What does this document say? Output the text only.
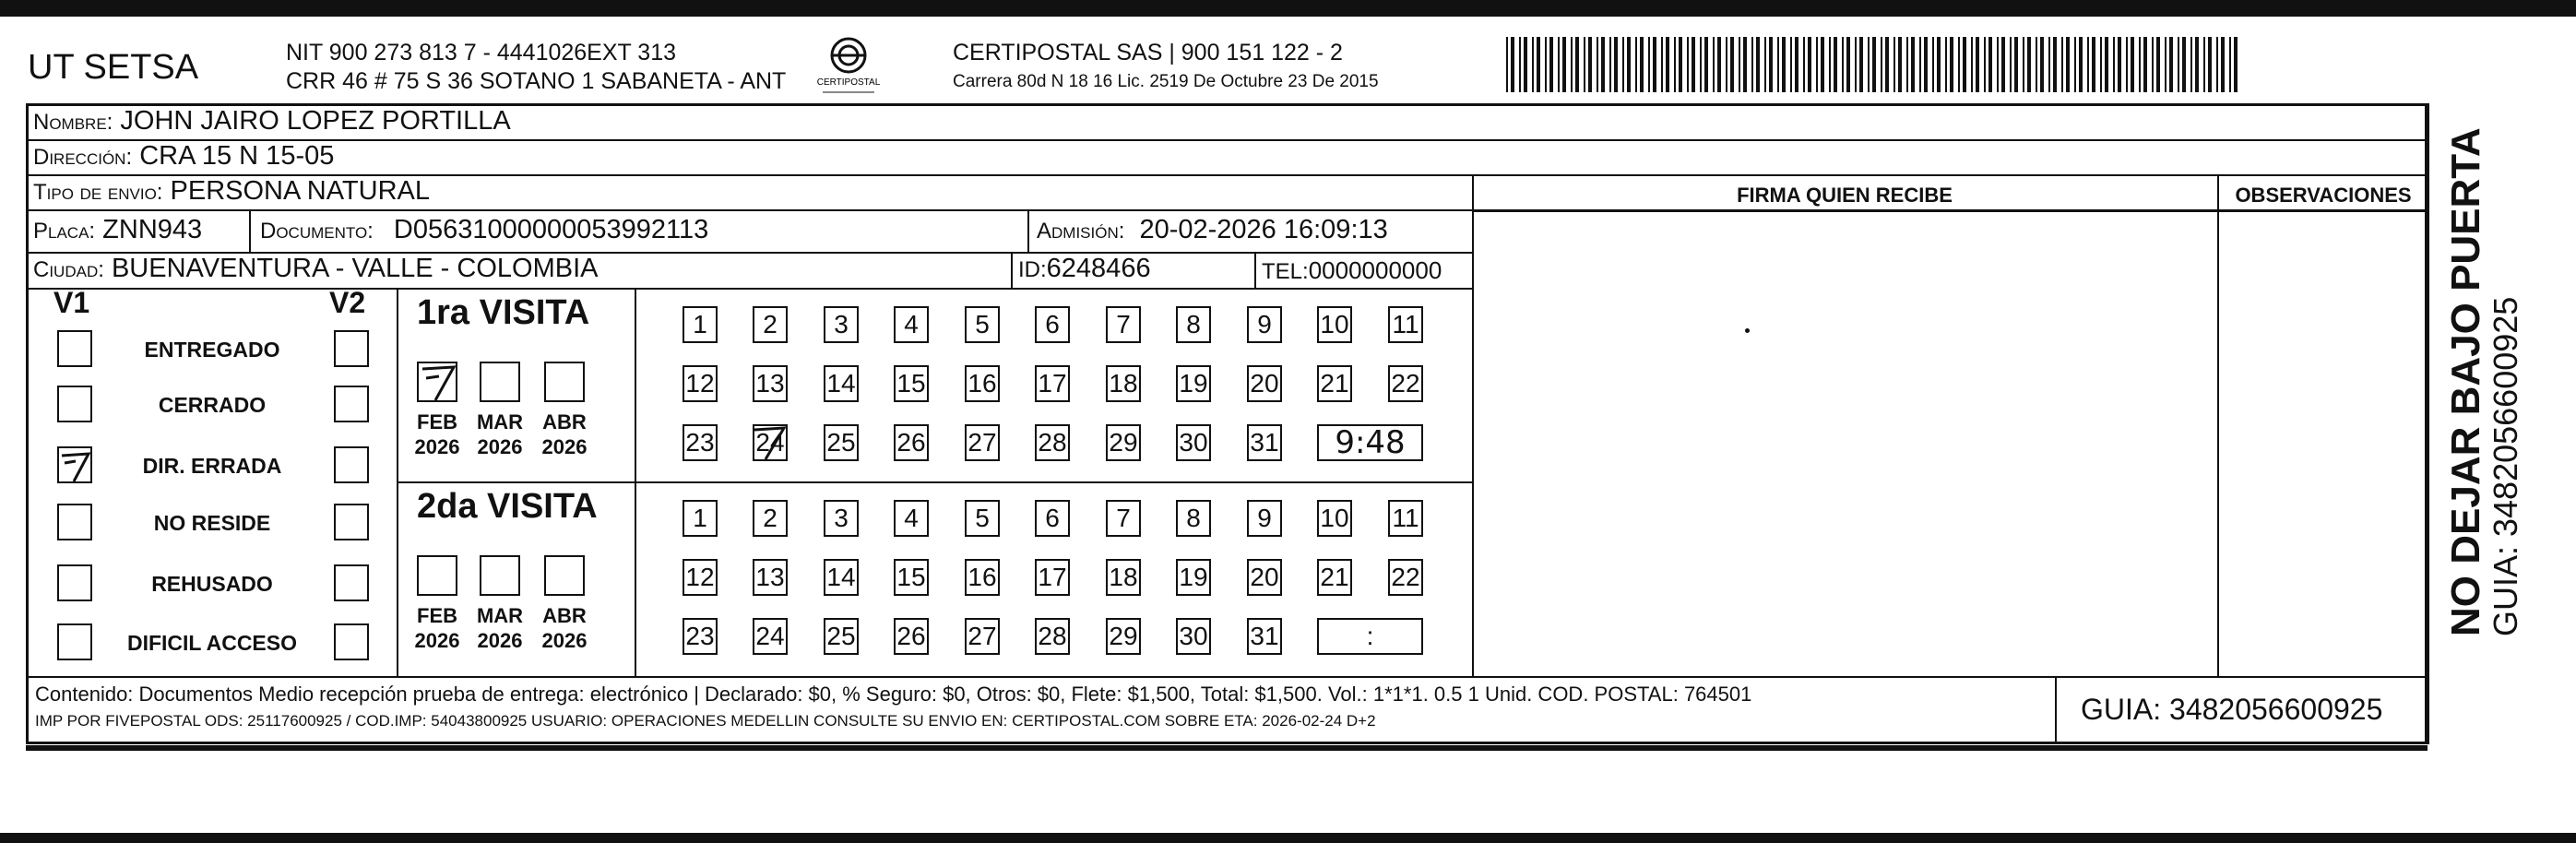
UT SETSA	NIT 900 273 813 7 - 4441026EXT 313
CRR 46 # 75 S 36 SOTANO 1 SABANETA - ANT	CERTIPOSTAL
CERTIPOSTAL SAS | 900 151 122 - 2
Carrera 80d N 18 16 Lic. 2519 De Octubre 23 De 2015
Nombre: JOHN JAIRO LOPEZ PORTILLA
Dirección: CRA 15 N 15-05
Tipo de envio: PERSONA NATURAL
Placa: ZNN943	Documento: D05631000000053992113	Admisión: 20-02-2026 16:09:13
Ciudad: BUENAVENTURA - VALLE - COLOMBIA	ID:6248466	TEL:0000000000
FIRMA QUIEN RECIBE	OBSERVACIONES
V1	V2
ENTREGADO
CERRADO
DIR. ERRADA
NO RESIDE
REHUSADO
DIFICIL ACCESO
1ra VISITA
2da VISITA
FEB
2026
MAR
2026
ABR
2026
1 2 3 4 5 6 7 8 9 10 11
12 13 14 15 16 17 18 19 20 21 22
23 24 25 26 27 28 29 30 31 9:48
FEB
2026
MAR
2026
ABR
2026
1 2 3 4 5 6 7 8 9 10 11
12 13 14 15 16 17 18 19 20 21 22
23 24 25 26 27 28 29 30 31	:
Contenido: Documentos Medio recepción prueba de entrega: electrónico | Declarado: $0, % Seguro: $0, Otros: $0, Flete: $1,500, Total: $1,500. Vol.: 1*1*1. 0.5 1 Unid. COD. POSTAL: 764501
IMP POR FIVEPOSTAL ODS: 25117600925 / COD.IMP: 54043800925 USUARIO: OPERACIONES MEDELLIN CONSULTE SU ENVIO EN: CERTIPOSTAL.COM SOBRE ETA: 2026-02-24 D+2	GUIA: 3482056600925
NO DEJAR BAJO PUERTA
GUIA: 3482056600925
